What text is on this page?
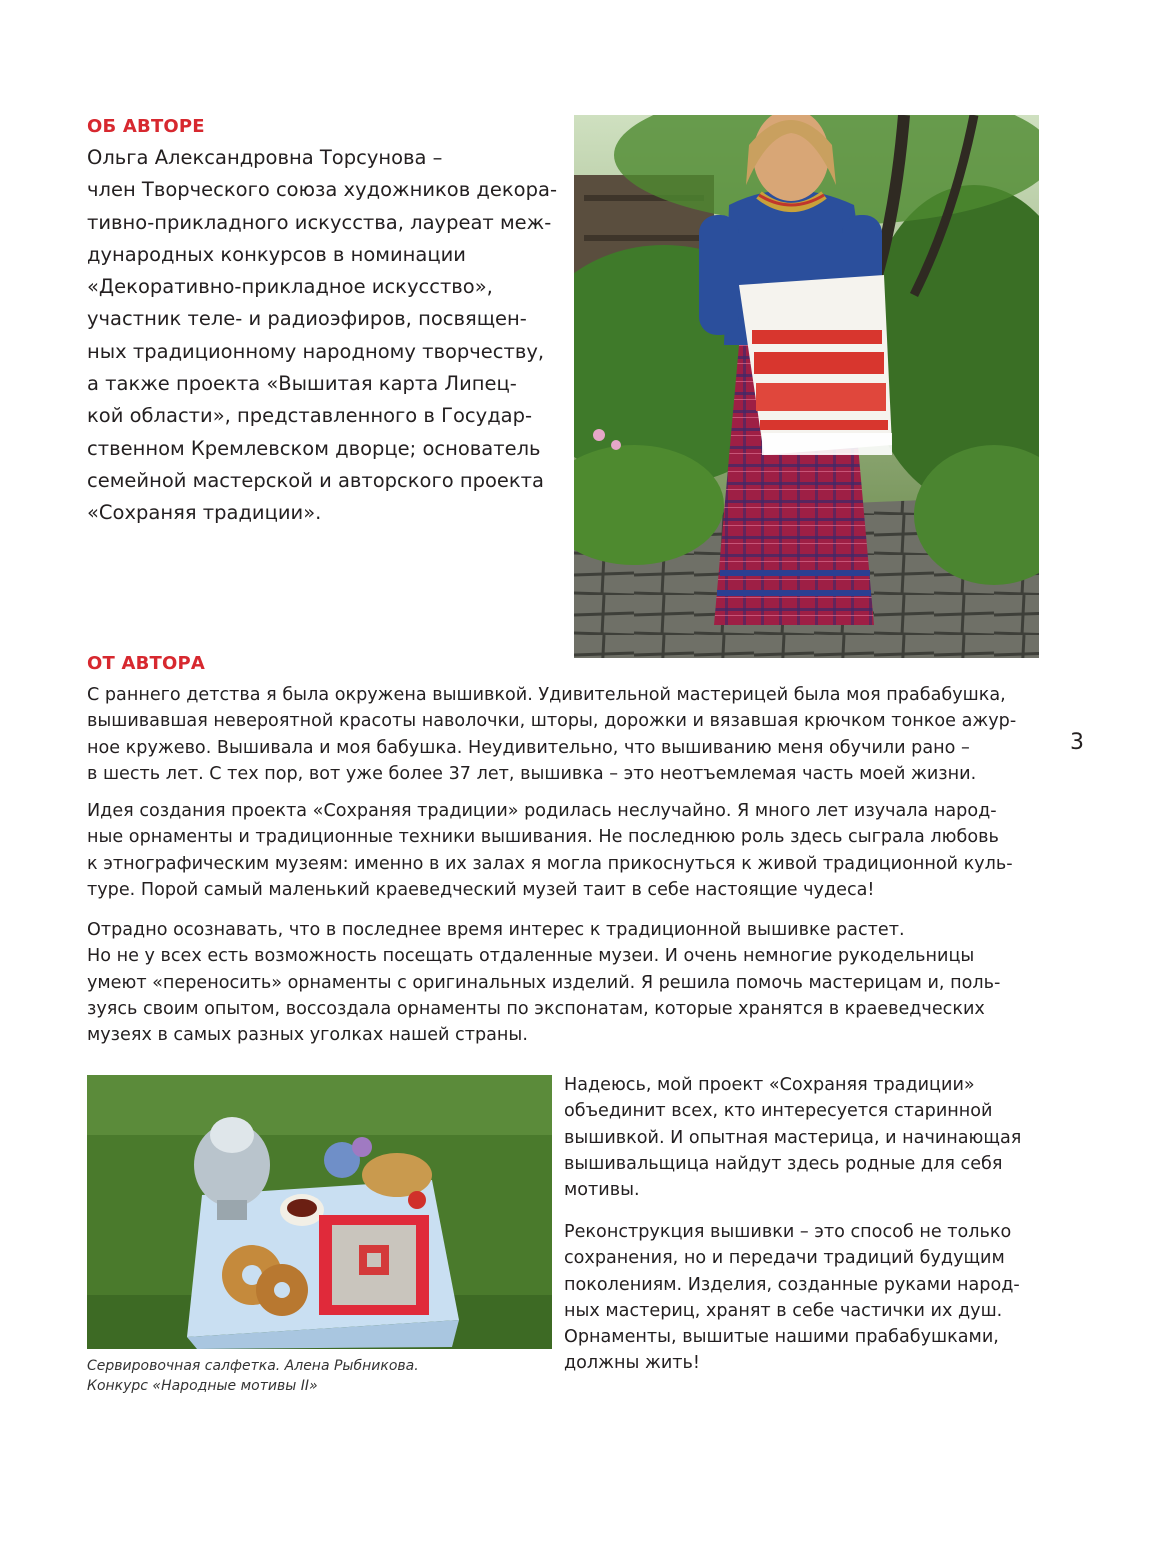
ОБ АВТОРЕ
Ольга Александровна Торсунова –
член Творческого союза художников декора-
тивно-прикладного искусства, лауреат меж-
дународных конкурсов в номинации
«Декоративно-прикладное искусство»,
участник теле- и радиоэфиров, посвящен-
ных традиционному народному творчеству,
а также проекта «Вышитая карта Липец-
кой области», представленного в Государ-
ственном Кремлевском дворце; основатель
семейной мастерской и авторского проекта
«Сохраняя традиции».
ОТ АВТОРА
С раннего детства я была окружена вышивкой. Удивительной мастерицей была моя прабабушка,
вышивавшая невероятной красоты наволочки, шторы, дорожки и вязавшая крючком тонкое ажур-
ное кружево. Вышивала и моя бабушка. Неудивительно, что вышиванию меня обучили рано –
в шесть лет. С тех пор, вот уже более 37 лет, вышивка – это неотъемлемая часть моей жизни.
Идея создания проекта «Сохраняя традиции» родилась неслучайно. Я много лет изучала народ-
ные орнаменты и традиционные техники вышивания. Не последнюю роль здесь сыграла любовь
к этнографическим музеям: именно в их залах я могла прикоснуться к живой традиционной куль-
туре. Порой самый маленький краеведческий музей таит в себе настоящие чудеса!
Отрадно осознавать, что в последнее время интерес к традиционной вышивке растет.
Но не у всех есть возможность посещать отдаленные музеи. И очень немногие рукодельницы
умеют «переносить» орнаменты с оригинальных изделий. Я решила помочь мастерицам и, поль-
зуясь своим опытом, воссоздала орнаменты по экспонатам, которые хранятся в краеведческих
музеях в самых разных уголках нашей страны.
Сервировочная салфетка. Алена Рыбникова.
Конкурс «Народные мотивы II»
Надеюсь, мой проект «Сохраняя традиции»
объединит всех, кто интересуется старинной
вышивкой. И опытная мастерица, и начинающая
вышивальщица найдут здесь родные для себя
мотивы.
Реконструкция вышивки – это способ не только
сохранения, но и передачи традиций будущим
поколениям. Изделия, созданные руками народ-
ных мастериц, хранят в себе частички их душ.
Орнаменты, вышитые нашими прабабушками,
должны жить!
3
